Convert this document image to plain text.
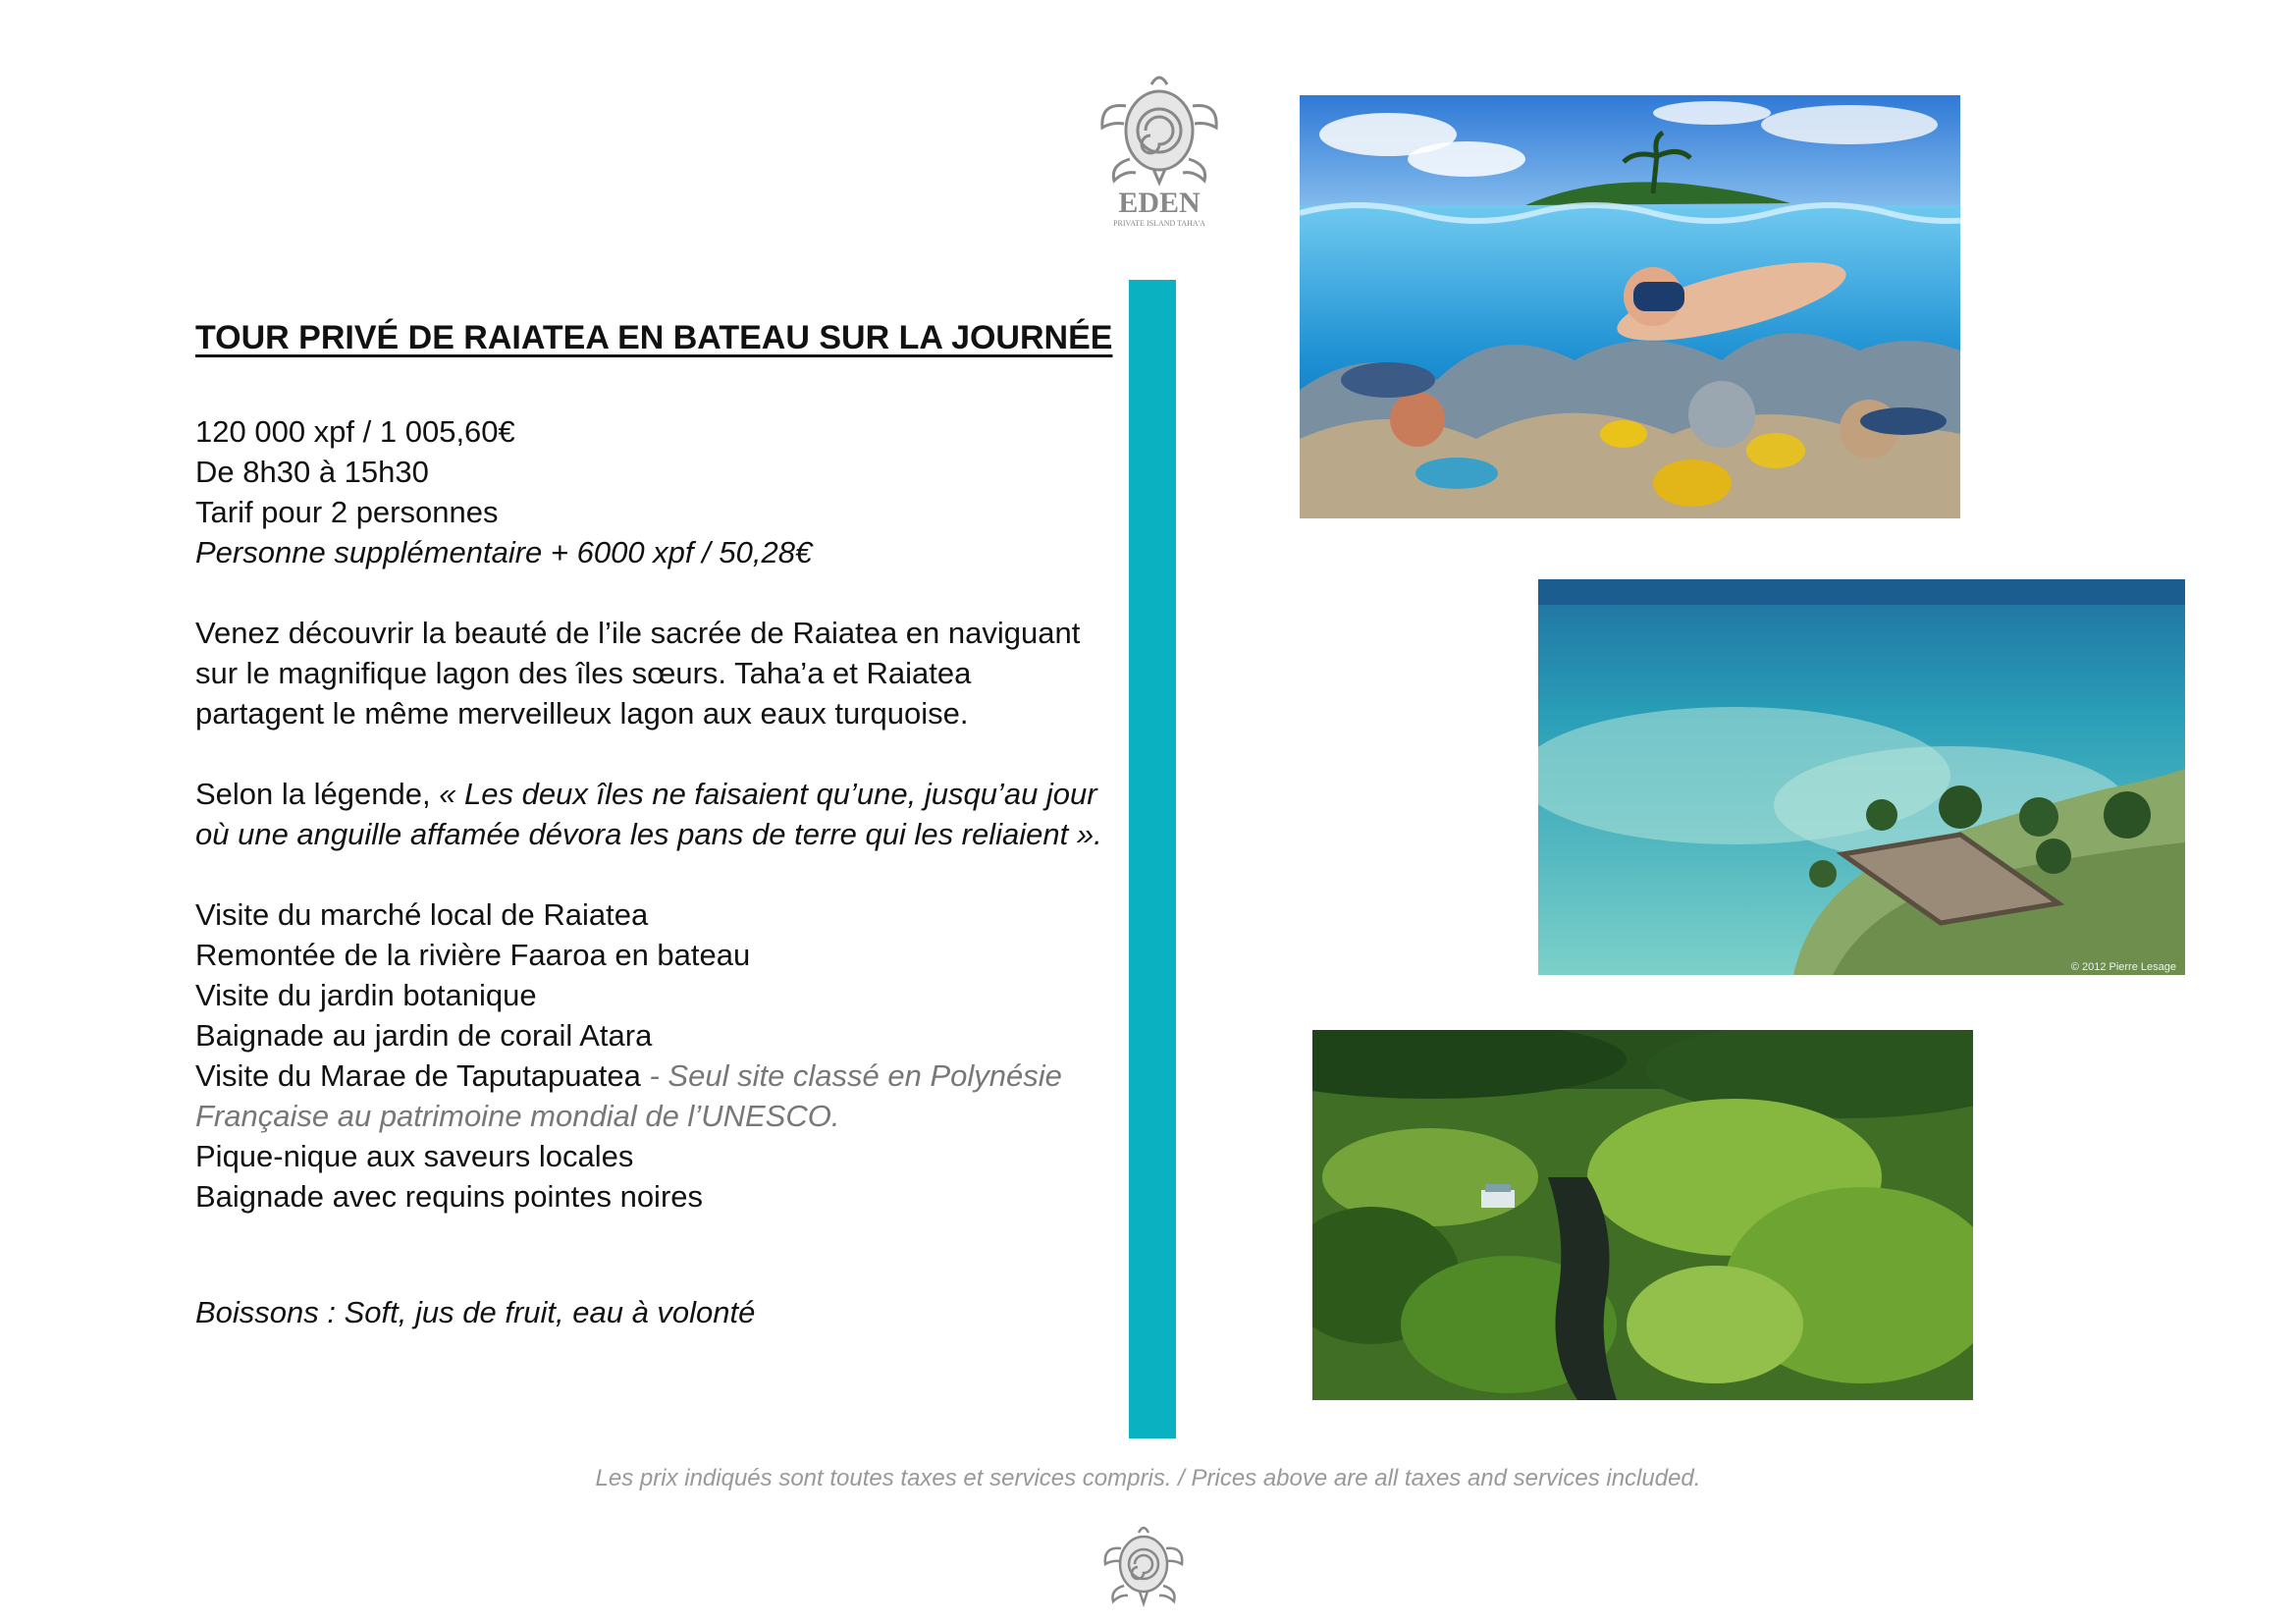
EDEN
PRIVATE ISLAND TAHA'A
TOUR PRIVÉ DE RAIATEA EN BATEAU SUR LA JOURNÉE
120 000 xpf / 1 005,60€
De 8h30 à 15h30
Tarif pour 2 personnes
Personne supplémentaire + 6000 xpf / 50,28€
Venez découvrir la beauté de l’ile sacrée de Raiatea en naviguant
sur le magnifique lagon des îles sœurs. Taha’a et Raiatea
partagent le même merveilleux lagon aux eaux turquoise.
Selon la légende, « Les deux îles ne faisaient qu’une, jusqu’au jour
où une anguille affamée dévora les pans de terre qui les reliaient ».
Visite du marché local de Raiatea
Remontée de la rivière Faaroa en bateau
Visite du jardin botanique
Baignade au jardin de corail Atara
Visite du Marae de Taputapuatea - Seul site classé en Polynésie
Française au patrimoine mondial de l’UNESCO.
Pique-nique aux saveurs locales
Baignade avec requins pointes noires
Boissons : Soft, jus de fruit, eau à volonté
© 2012 Pierre Lesage
Les prix indiqués sont toutes taxes et services compris. / Prices above are all taxes and services included.
